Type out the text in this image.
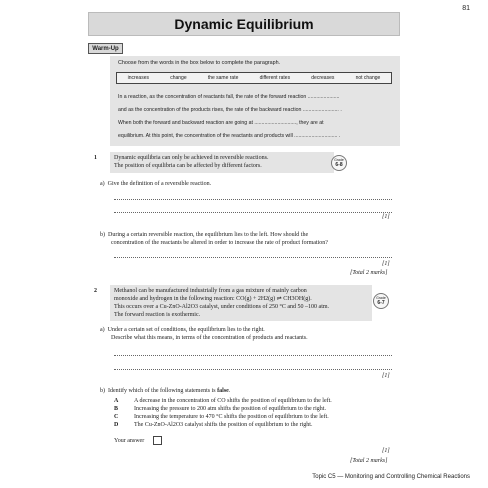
81
Dynamic Equilibrium
Warm-Up
Choose from the words in the box below to complete the paragraph.
increases	change	the same rate	different rates	decreases	not change
In a reaction, as the concentration of reactants fall, the rate of the forward reaction ......................
and as the concentration of the products rises, the rate of the backward reaction ......................... .
When both the forward and backward reaction are going at ............................., they are at
equilibrium. At this point, the concentration of the reactants and products will .............................. .
1	Dynamic equilibria can only be achieved in reversible reactions.
The position of equilibria can be affected by different factors.
Grade
6-8
a) Give the definition of a reversible reaction.
[1]
b) During a certain reversible reaction, the equilibrium lies to the left. How should the
concentration of the reactants be altered in order to increase the rate of product formation?
[1]
[Total 2 marks]
2	Methanol can be manufactured industrially from a gas mixture of mainly carbon
monoxide and hydrogen in the following reaction: CO(g) + 2H2(g) ⇌ CH3OH(g).
This occurs over a Cu-ZnO-Al2O3 catalyst, under conditions of 250 °C and 50 –100 atm.
The forward reaction is exothermic.
Grade
6-7
a) Under a certain set of conditions, the equilibrium lies to the right.
Describe what this means, in terms of the concentration of products and reactants.
[1]
b) Identify which of the following statements is false.
A	A decrease in the concentration of CO shifts the position of equilibrium to the left.
B	Increasing the pressure to 200 atm shifts the position of equilibrium to the right.
C	Increasing the temperature to 470 °C shifts the position of equilibrium to the left.
D	The Cu-ZnO-Al2O3 catalyst shifts the position of equilibrium to the right.
Your answer
[1]
[Total 2 marks]
Topic C5 — Monitoring and Controlling Chemical Reactions
